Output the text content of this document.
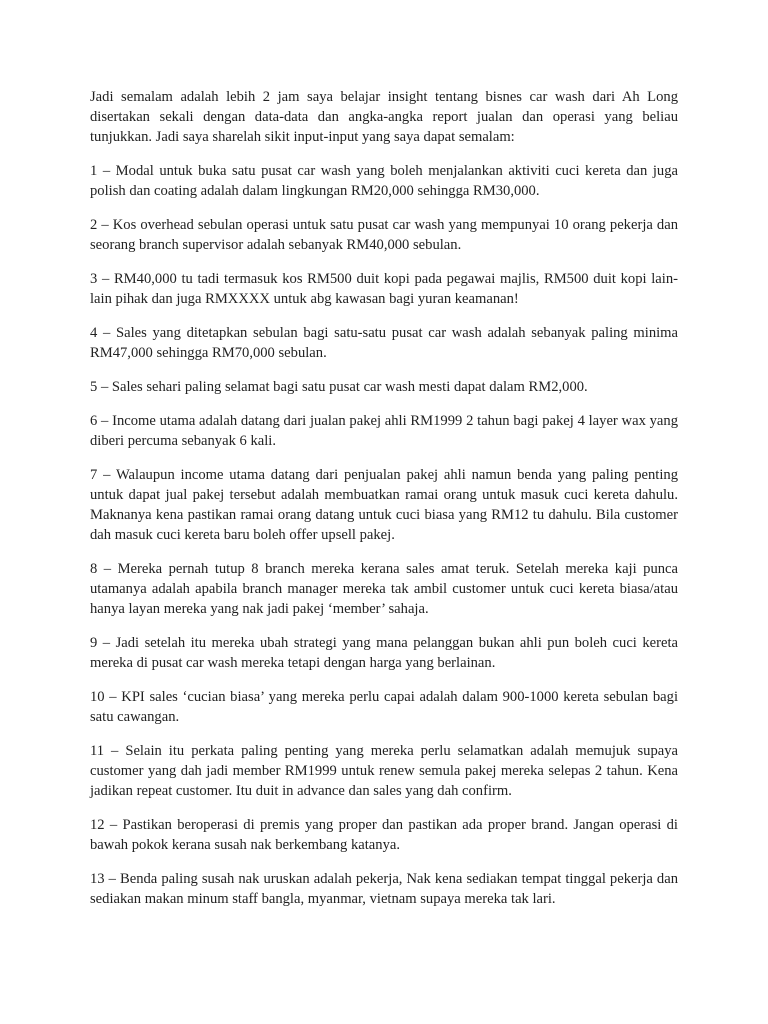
Jadi semalam adalah lebih 2 jam saya belajar insight tentang bisnes car wash dari Ah Long disertakan sekali dengan data-data dan angka-angka report jualan dan operasi yang beliau tunjukkan. Jadi saya sharelah sikit input-input yang saya dapat semalam:

1 – Modal untuk buka satu pusat car wash yang boleh menjalankan aktiviti cuci kereta dan juga polish dan coating adalah dalam lingkungan RM20,000 sehingga RM30,000.

2 – Kos overhead sebulan operasi untuk satu pusat car wash yang mempunyai 10 orang pekerja dan seorang branch supervisor adalah sebanyak RM40,000 sebulan.

3 – RM40,000 tu tadi termasuk kos RM500 duit kopi pada pegawai majlis, RM500 duit kopi lain-lain pihak dan juga RMXXXX untuk abg kawasan bagi yuran keamanan!

4 – Sales yang ditetapkan sebulan bagi satu-satu pusat car wash adalah sebanyak paling minima RM47,000 sehingga RM70,000 sebulan.

5 – Sales sehari paling selamat bagi satu pusat car wash mesti dapat dalam RM2,000.

6 – Income utama adalah datang dari jualan pakej ahli RM1999 2 tahun bagi pakej 4 layer wax yang diberi percuma sebanyak 6 kali.

7 – Walaupun income utama datang dari penjualan pakej ahli namun benda yang paling penting untuk dapat jual pakej tersebut adalah membuatkan ramai orang untuk masuk cuci kereta dahulu. Maknanya kena pastikan ramai orang datang untuk cuci biasa yang RM12 tu dahulu. Bila customer dah masuk cuci kereta baru boleh offer upsell pakej.

8 – Mereka pernah tutup 8 branch mereka kerana sales amat teruk. Setelah mereka kaji punca utamanya adalah apabila branch manager mereka tak ambil customer untuk cuci kereta biasa/atau hanya layan mereka yang nak jadi pakej ‘member’ sahaja.

9 – Jadi setelah itu mereka ubah strategi yang mana pelanggan bukan ahli pun boleh cuci kereta mereka di pusat car wash mereka tetapi dengan harga yang berlainan.

10 – KPI sales ‘cucian biasa’ yang mereka perlu capai adalah dalam 900-1000 kereta sebulan bagi satu cawangan.

11 – Selain itu perkata paling penting yang mereka perlu selamatkan adalah memujuk supaya customer yang dah jadi member RM1999 untuk renew semula pakej mereka selepas 2 tahun. Kena jadikan repeat customer. Itu duit in advance dan sales yang dah confirm.

12 – Pastikan beroperasi di premis yang proper dan pastikan ada proper brand. Jangan operasi di bawah pokok kerana susah nak berkembang katanya.

13 – Benda paling susah nak uruskan adalah pekerja, Nak kena sediakan tempat tinggal pekerja dan sediakan makan minum staff bangla, myanmar, vietnam supaya mereka tak lari.
